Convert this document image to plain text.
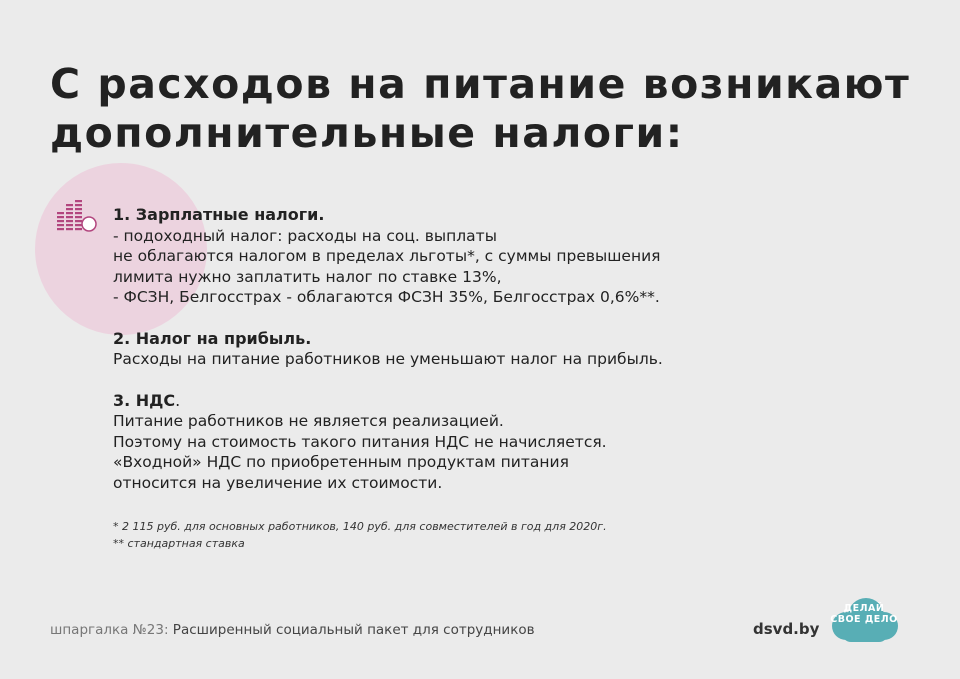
С расходов на питание возникают
дополнительные налоги:
1. Зарплатные налоги.
- подоходный налог: расходы на соц. выплаты
не облагаются налогом в пределах льготы*, с суммы превышения
лимита нужно заплатить налог по ставке 13%,
- ФСЗН, Белгосстрах - облагаются ФСЗН 35%, Белгосстрах 0,6%**.
2. Налог на прибыль.
Расходы на питание работников не уменьшают налог на прибыль.
3. НДС.
Питание работников не является реализацией.
Поэтому на стоимость такого питания НДС не начисляется.
«Входной» НДС по приобретенным продуктам питания
относится на увеличение их стоимости.
* 2 115 руб. для основных работников, 140 руб. для совместителей в год для 2020г.
** стандартная ставка
шпаргалка №23: Расширенный социальный пакет для сотрудников	dsvd.by
ДЕЛАЙ
СВОЕ ДЕЛО
